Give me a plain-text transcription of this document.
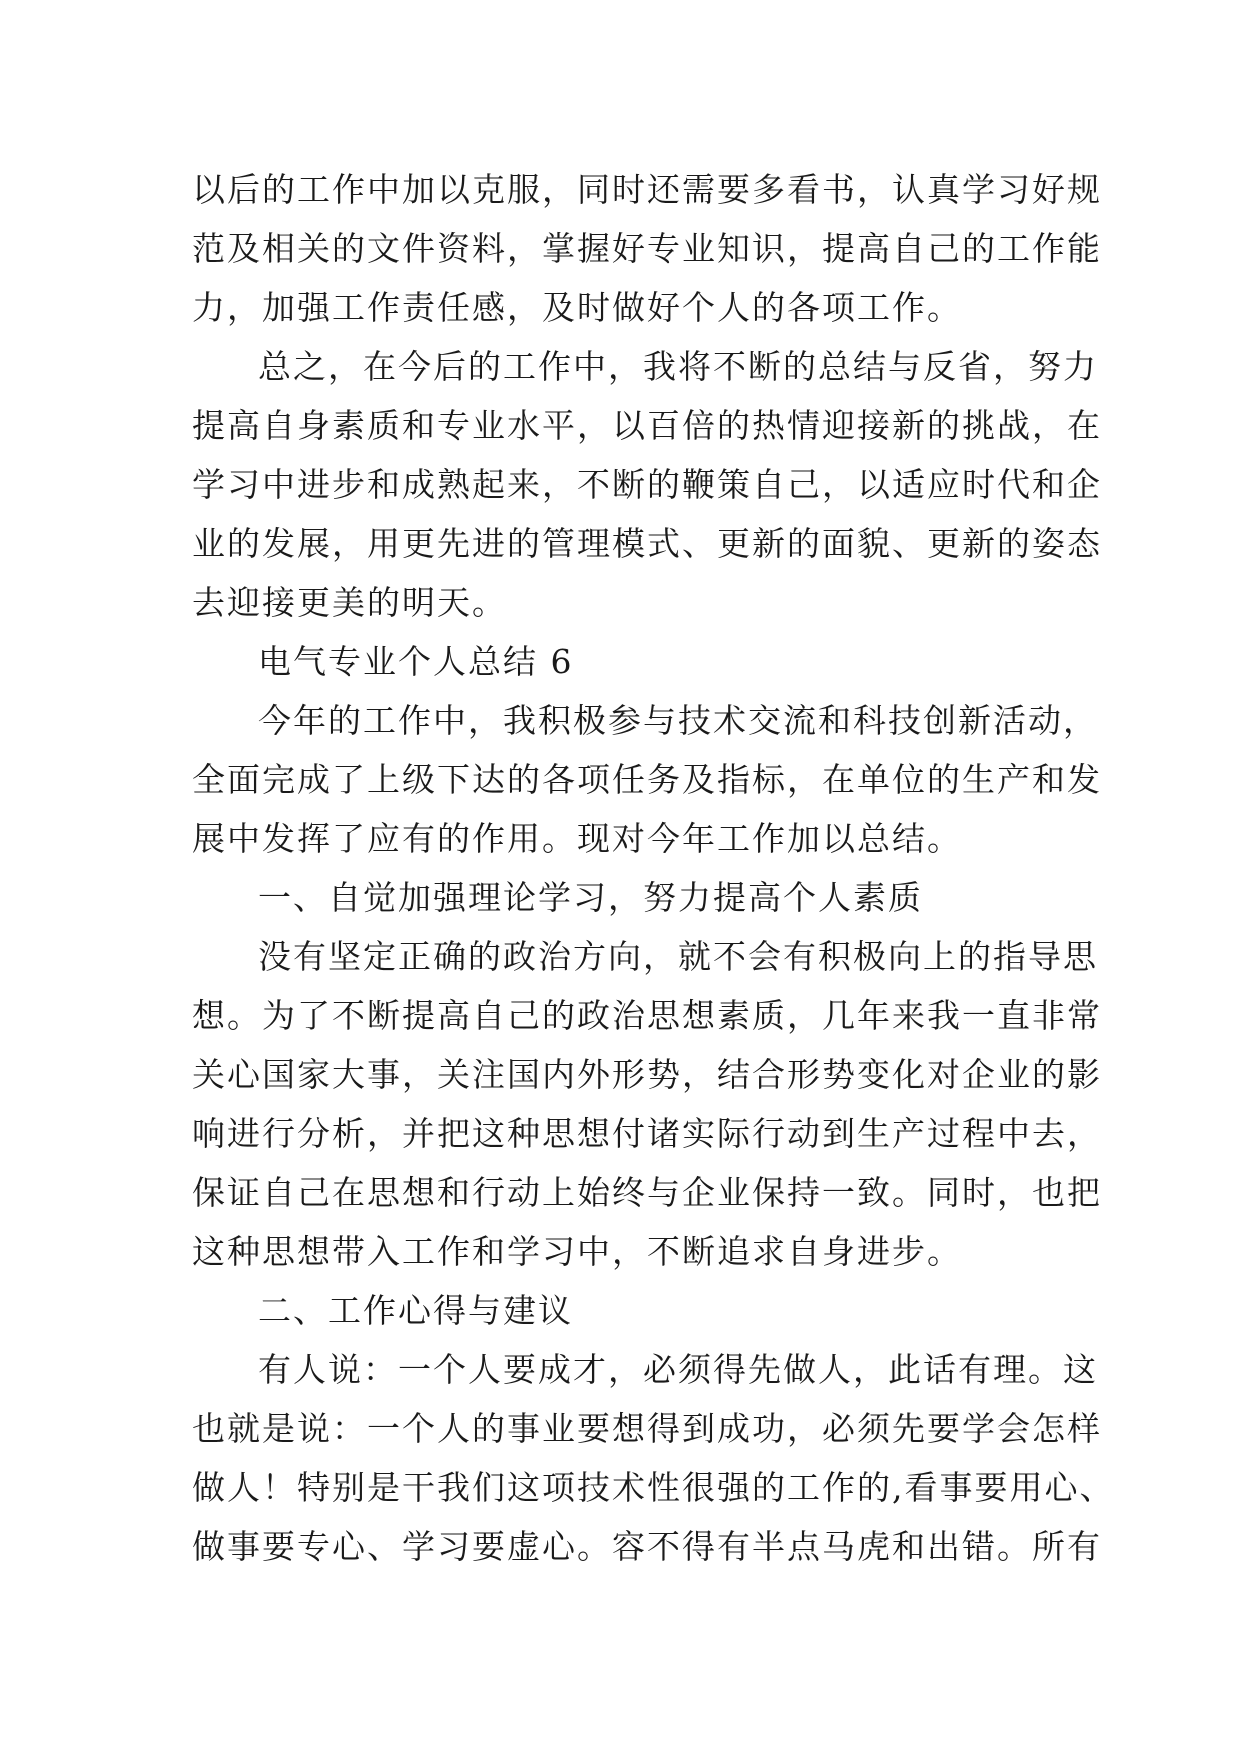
以后的工作中加以克服，同时还需要多看书，认真学习好规
范及相关的文件资料，掌握好专业知识，提高自己的工作能
力，加强工作责任感，及时做好个人的各项工作。
总之，在今后的工作中，我将不断的总结与反省，努力
提高自身素质和专业水平，以百倍的热情迎接新的挑战，在
学习中进步和成熟起来，不断的鞭策自己，以适应时代和企
业的发展，用更先进的管理模式、更新的面貌、更新的姿态
去迎接更美的明天。
电气专业个人总结 6
今年的工作中，我积极参与技术交流和科技创新活动，
全面完成了上级下达的各项任务及指标，在单位的生产和发
展中发挥了应有的作用。现对今年工作加以总结。
一、自觉加强理论学习，努力提高个人素质
没有坚定正确的政治方向，就不会有积极向上的指导思
想。为了不断提高自己的政治思想素质，几年来我一直非常
关心国家大事，关注国内外形势，结合形势变化对企业的影
响进行分析，并把这种思想付诸实际行动到生产过程中去，
保证自己在思想和行动上始终与企业保持一致。同时，也把
这种思想带入工作和学习中，不断追求自身进步。
二、工作心得与建议
有人说：一个人要成才，必须得先做人，此话有理。这
也就是说：一个人的事业要想得到成功，必须先要学会怎样
做人！特别是干我们这项技术性很强的工作的,看事要用心、
做事要专心、学习要虚心。容不得有半点马虎和出错。所有
